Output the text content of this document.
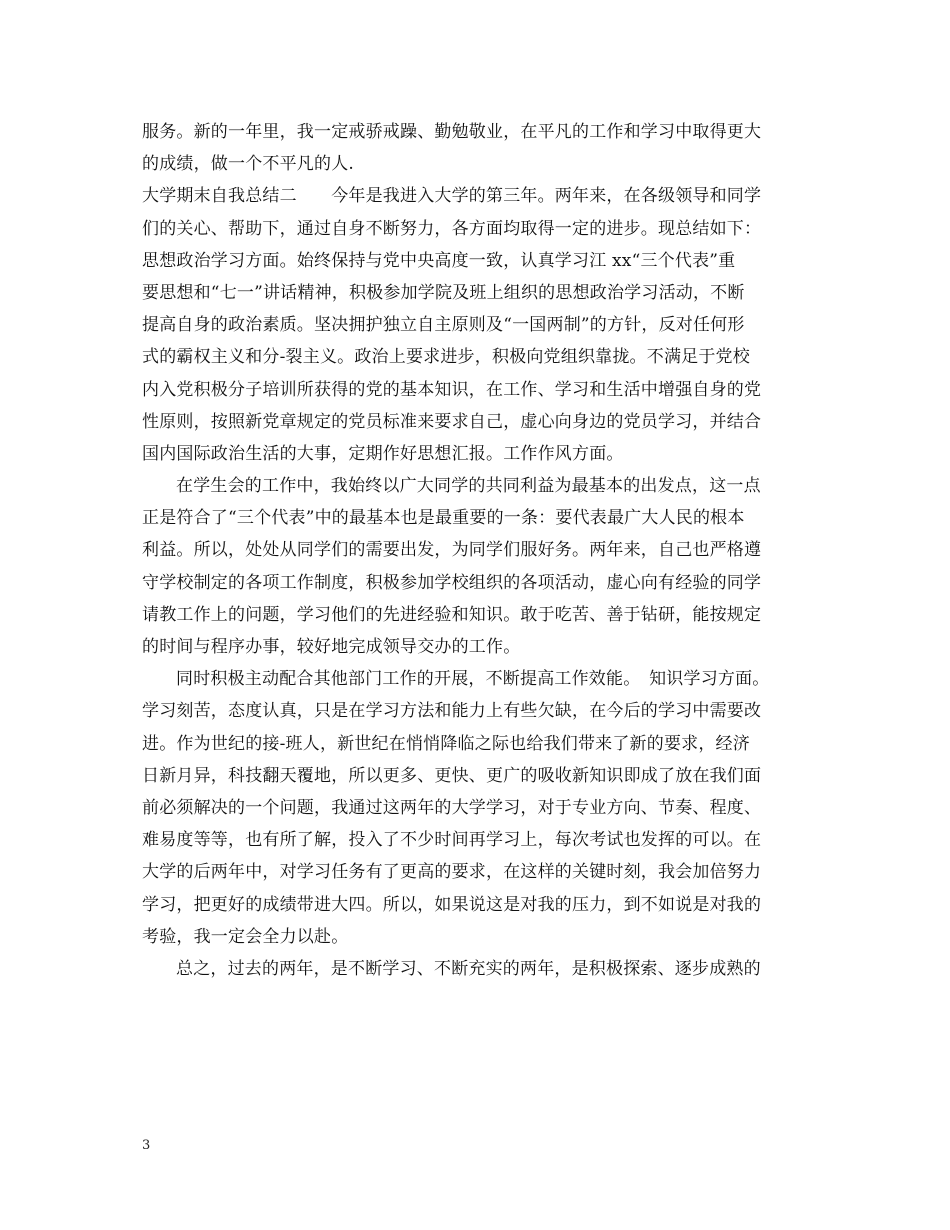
服务。新的一年里，我一定戒骄戒躁、勤勉敬业，在平凡的工作和学习中取得更大
的成绩，做一个不平凡的人.
大学期末自我总结二　　今年是我进入大学的第三年。两年来，在各级领导和同学
们的关心、帮助下，通过自身不断努力，各方面均取得一定的进步。现总结如下：
思想政治学习方面。始终保持与党中央高度一致，认真学习江 xx“三个代表”重
要思想和“七一”讲话精神，积极参加学院及班上组织的思想政治学习活动，不断
提高自身的政治素质。坚决拥护独立自主原则及“一国两制”的方针，反对任何形
式的霸权主义和分-裂主义。政治上要求进步，积极向党组织靠拢。不满足于党校
内入党积极分子培训所获得的党的基本知识，在工作、学习和生活中增强自身的党
性原则，按照新党章规定的党员标准来要求自己，虚心向身边的党员学习，并结合
国内国际政治生活的大事，定期作好思想汇报。工作作风方面。
在学生会的工作中，我始终以广大同学的共同利益为最基本的出发点，这一点
正是符合了“三个代表”中的最基本也是最重要的一条：要代表最广大人民的根本
利益。所以，处处从同学们的需要出发，为同学们服好务。两年来，自己也严格遵
守学校制定的各项工作制度，积极参加学校组织的各项活动，虚心向有经验的同学
请教工作上的问题，学习他们的先进经验和知识。敢于吃苦、善于钻研，能按规定
的时间与程序办事，较好地完成领导交办的工作。
同时积极主动配合其他部门工作的开展，不断提高工作效能。　知识学习方面。
学习刻苦，态度认真，只是在学习方法和能力上有些欠缺，在今后的学习中需要改
进。作为世纪的接-班人，新世纪在悄悄降临之际也给我们带来了新的要求，经济
日新月异，科技翻天覆地，所以更多、更快、更广的吸收新知识即成了放在我们面
前必须解决的一个问题，我通过这两年的大学学习，对于专业方向、节奏、程度、
难易度等等，也有所了解，投入了不少时间再学习上，每次考试也发挥的可以。在
大学的后两年中，对学习任务有了更高的要求，在这样的关键时刻，我会加倍努力
学习，把更好的成绩带进大四。所以，如果说这是对我的压力，到不如说是对我的
考验，我一定会全力以赴。
总之，过去的两年，是不断学习、不断充实的两年，是积极探索、逐步成熟的
3
